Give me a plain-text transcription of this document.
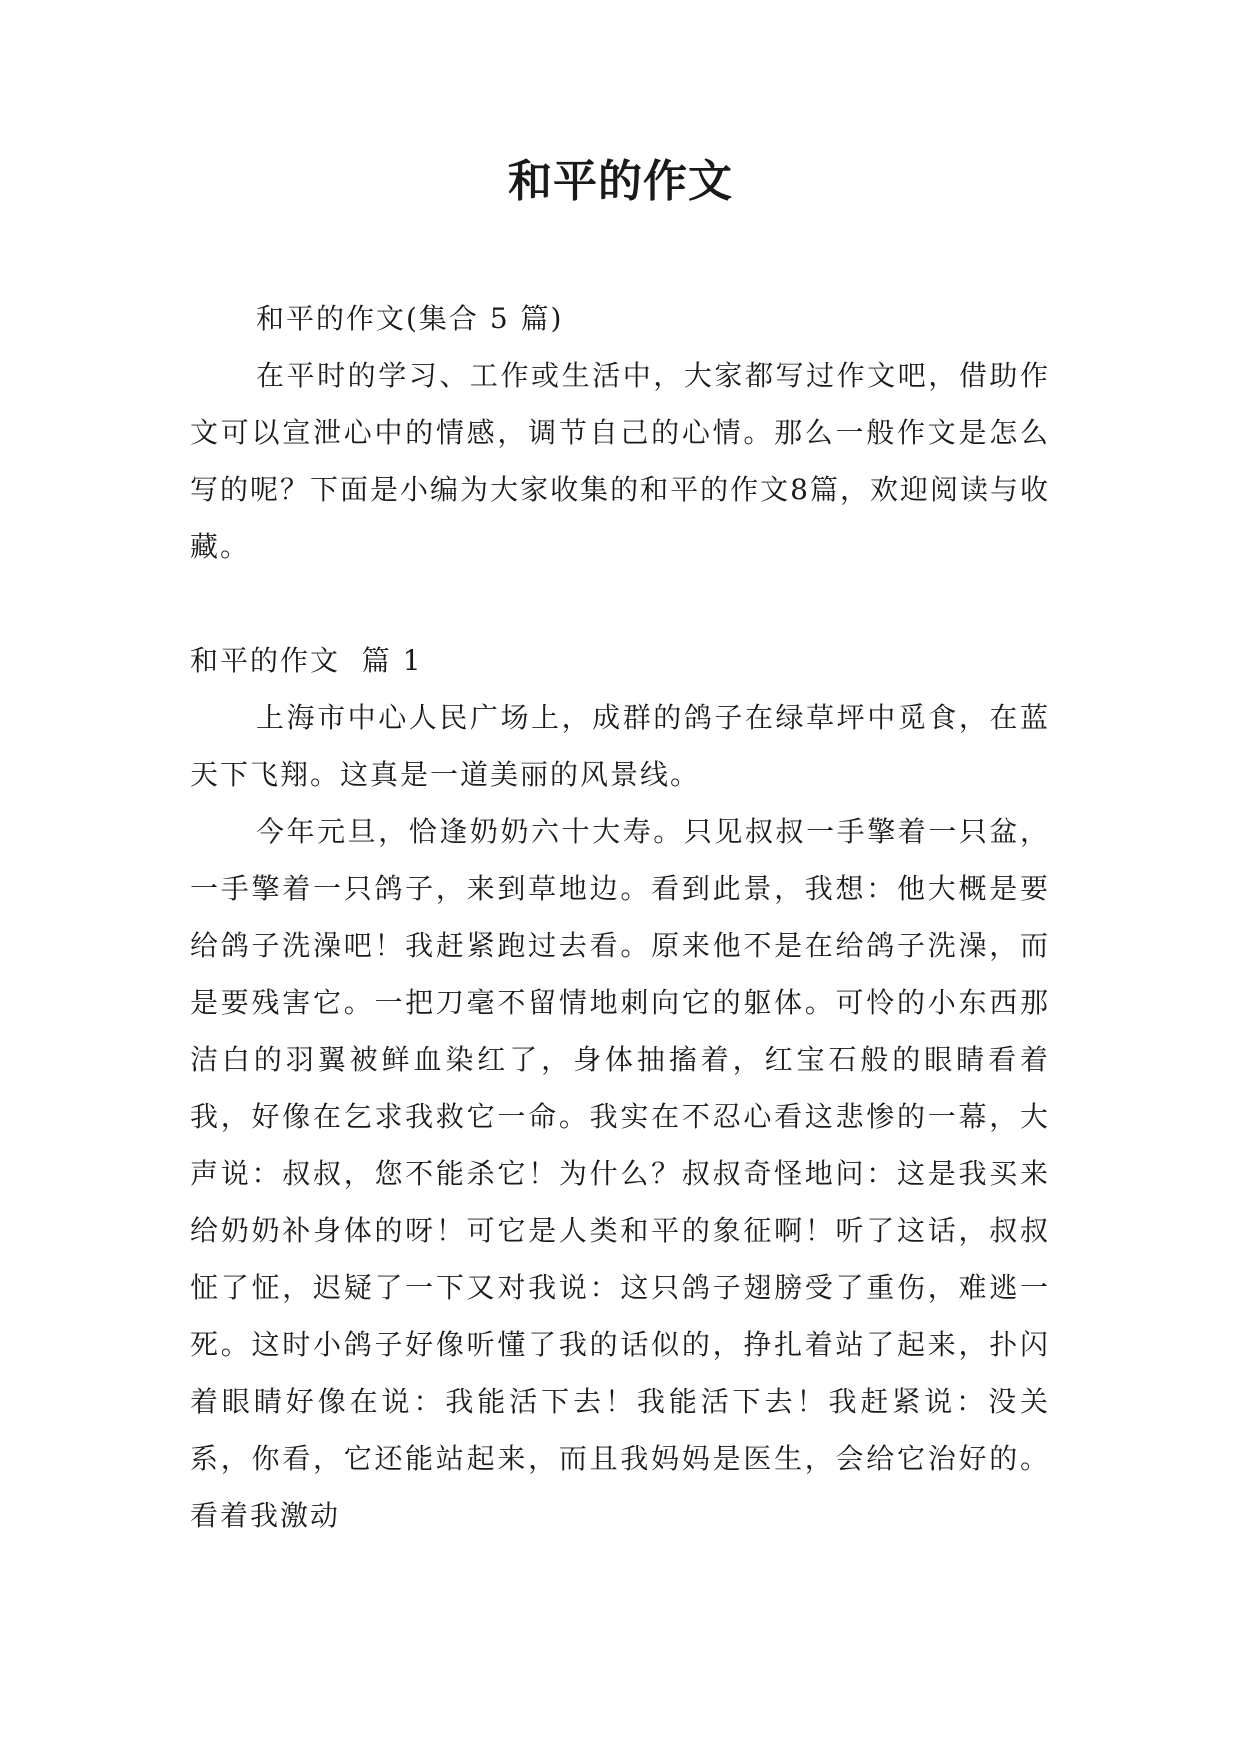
和平的作文

和平的作文(集合 5 篇)

在平时的学习、工作或生活中，大家都写过作文吧，借助作文可以宣泄心中的情感，调节自己的心情。那么一般作文是怎么写的呢？下面是小编为大家收集的和平的作文8篇，欢迎阅读与收藏。

和平的作文  篇 1

上海市中心人民广场上，成群的鸽子在绿草坪中觅食，在蓝天下飞翔。这真是一道美丽的风景线。

今年元旦，恰逢奶奶六十大寿。只见叔叔一手擎着一只盆，一手擎着一只鸽子，来到草地边。看到此景，我想：他大概是要给鸽子洗澡吧！我赶紧跑过去看。原来他不是在给鸽子洗澡，而是要残害它。一把刀毫不留情地刺向它的躯体。可怜的小东西那洁白的羽翼被鲜血染红了，身体抽搐着，红宝石般的眼睛看着我，好像在乞求我救它一命。我实在不忍心看这悲惨的一幕，大声说：叔叔，您不能杀它！为什么？叔叔奇怪地问：这是我买来给奶奶补身体的呀！可它是人类和平的象征啊！听了这话，叔叔怔了怔，迟疑了一下又对我说：这只鸽子翅膀受了重伤，难逃一死。这时小鸽子好像听懂了我的话似的，挣扎着站了起来，扑闪着眼睛好像在说：我能活下去！我能活下去！我赶紧说：没关系，你看，它还能站起来，而且我妈妈是医生，会给它治好的。看着我激动
